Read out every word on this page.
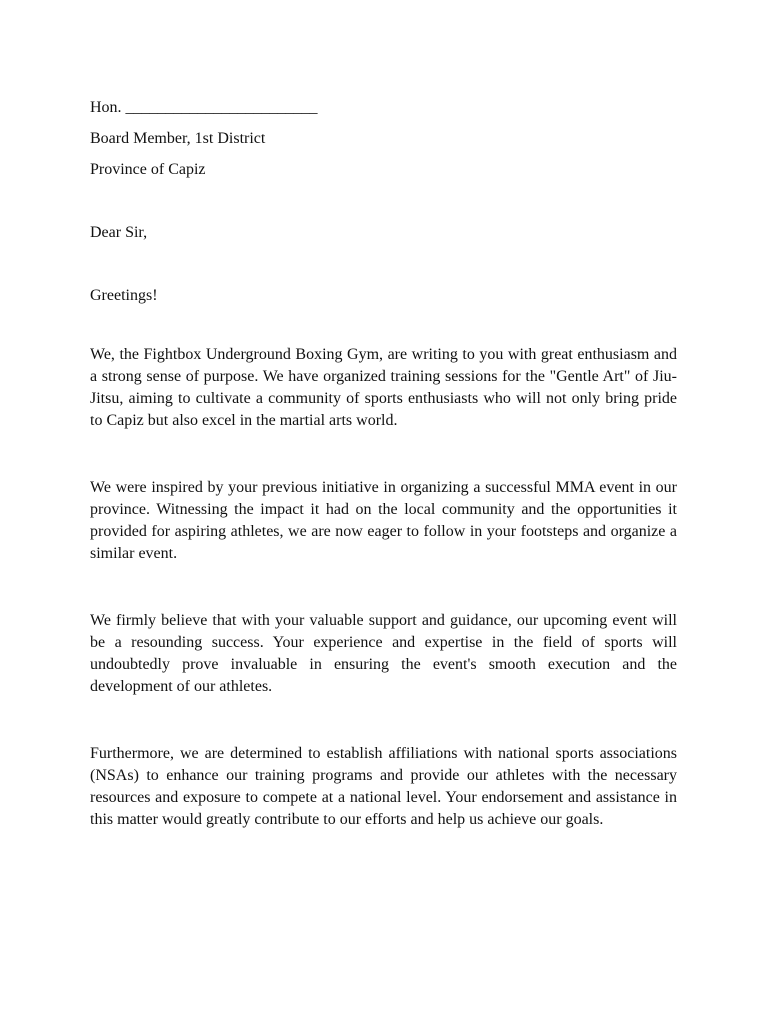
Hon. ________________________

Board Member, 1st District

Province of Capiz

Dear Sir,

Greetings!

We, the Fightbox Underground Boxing Gym, are writing to you with great enthusiasm and a strong sense of purpose. We have organized training sessions for the "Gentle Art" of Jiu-Jitsu, aiming to cultivate a community of sports enthusiasts who will not only bring pride to Capiz but also excel in the martial arts world.

We were inspired by your previous initiative in organizing a successful MMA event in our province. Witnessing the impact it had on the local community and the opportunities it provided for aspiring athletes, we are now eager to follow in your footsteps and organize a similar event.

We firmly believe that with your valuable support and guidance, our upcoming event will be a resounding success. Your experience and expertise in the field of sports will undoubtedly prove invaluable in ensuring the event's smooth execution and the development of our athletes.

Furthermore, we are determined to establish affiliations with national sports associations (NSAs) to enhance our training programs and provide our athletes with the necessary resources and exposure to compete at a national level. Your endorsement and assistance in this matter would greatly contribute to our efforts and help us achieve our goals.
